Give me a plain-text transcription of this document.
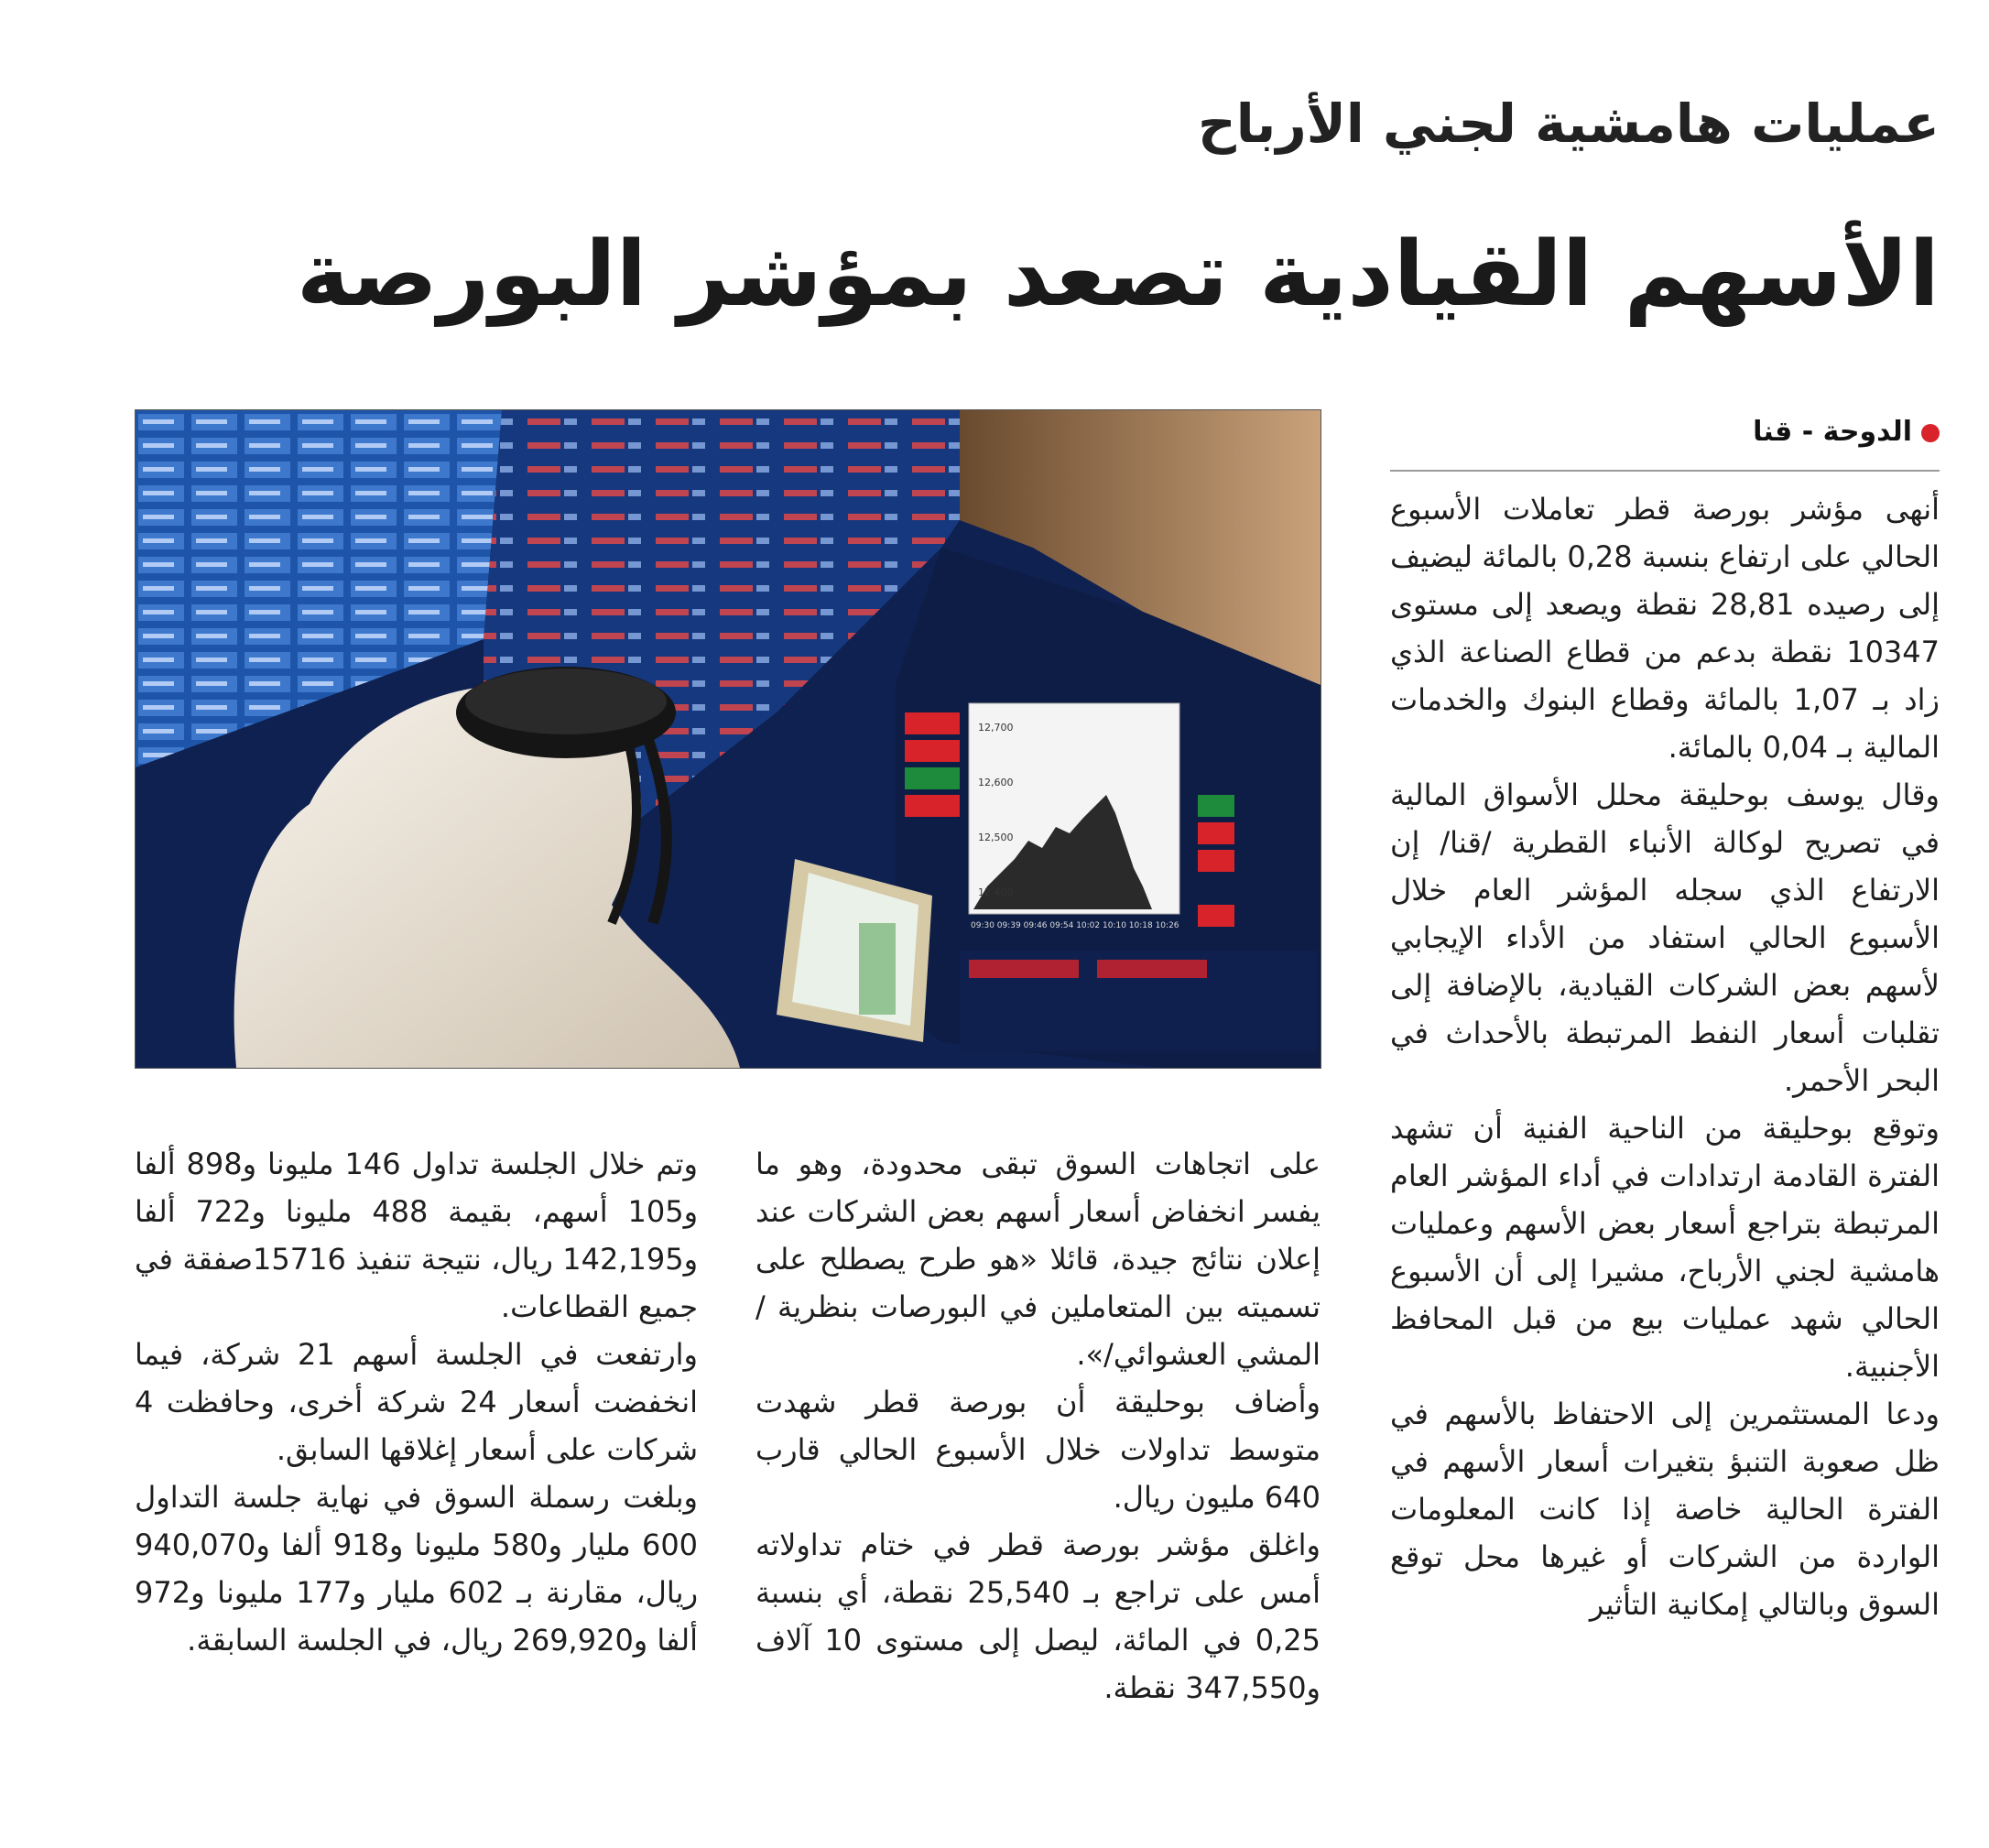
عمليات هامشية لجني الأرباح
الأسهم القيادية تصعد بمؤشر البورصة
الدوحة - قنا
12,700
12,600
12,500
12,400
09:30 09:39 09:46 09:54 10:02 10:10 10:18 10:26

أنهى مؤشر بورصة قطر تعاملات الأسبوع الحالي على ارتفاع بنسبة 0,28 بالمائة ليضيف إلى رصيده 28,81 نقطة ويصعد إلى مستوى 10347 نقطة بدعم من قطاع الصناعة الذي زاد بـ 1,07 بالمائة وقطاع البنوك والخدمات المالية بـ 0,04 بالمائة.

وقال يوسف بوحليقة محلل الأسواق المالية في تصريح لوكالة الأنباء القطرية /قنا/ إن الارتفاع الذي سجله المؤشر العام خلال الأسبوع الحالي استفاد من الأداء الإيجابي لأسهم بعض الشركات القيادية، بالإضافة إلى تقلبات أسعار النفط المرتبطة بالأحداث في البحر الأحمر.

وتوقع بوحليقة من الناحية الفنية أن تشهد الفترة القادمة ارتدادات في أداء المؤشر العام المرتبطة بتراجع أسعار بعض الأسهم وعمليات هامشية لجني الأرباح، مشيرا إلى أن الأسبوع الحالي شهد عمليات بيع من قبل المحافظ الأجنبية.

ودعا المستثمرين إلى الاحتفاظ بالأسهم في ظل صعوبة التنبؤ بتغيرات أسعار الأسهم في الفترة الحالية خاصة إذا كانت المعلومات الواردة من الشركات أو غيرها محل توقع السوق وبالتالي إمكانية التأثير

على اتجاهات السوق تبقى محدودة، وهو ما يفسر انخفاض أسعار أسهم بعض الشركات عند إعلان نتائج جيدة، قائلا «هو طرح يصطلح على تسميته بين المتعاملين في البورصات بنظرية /المشي العشوائي/».

وأضاف بوحليقة أن بورصة قطر شهدت متوسط تداولات خلال الأسبوع الحالي قارب 640 مليون ريال.

واغلق مؤشر بورصة قطر في ختام تداولاته أمس على تراجع بـ 25,540 نقطة، أي بنسبة 0,25 في المائة، ليصل إلى مستوى 10 آلاف و347,550 نقطة.

وتم خلال الجلسة تداول 146 مليونا و898 ألفا و105 أسهم، بقيمة 488 مليونا و722 ألفا و142,195 ريال، نتيجة تنفيذ 15716صفقة في جميع القطاعات.

وارتفعت في الجلسة أسهم 21 شركة، فيما انخفضت أسعار 24 شركة أخرى، وحافظت 4 شركات على أسعار إغلاقها السابق.

وبلغت رسملة السوق في نهاية جلسة التداول 600 مليار و580 مليونا و918 ألفا و940,070 ريال، مقارنة بـ 602 مليار و177 مليونا و972 ألفا و269,920 ريال، في الجلسة السابقة.
